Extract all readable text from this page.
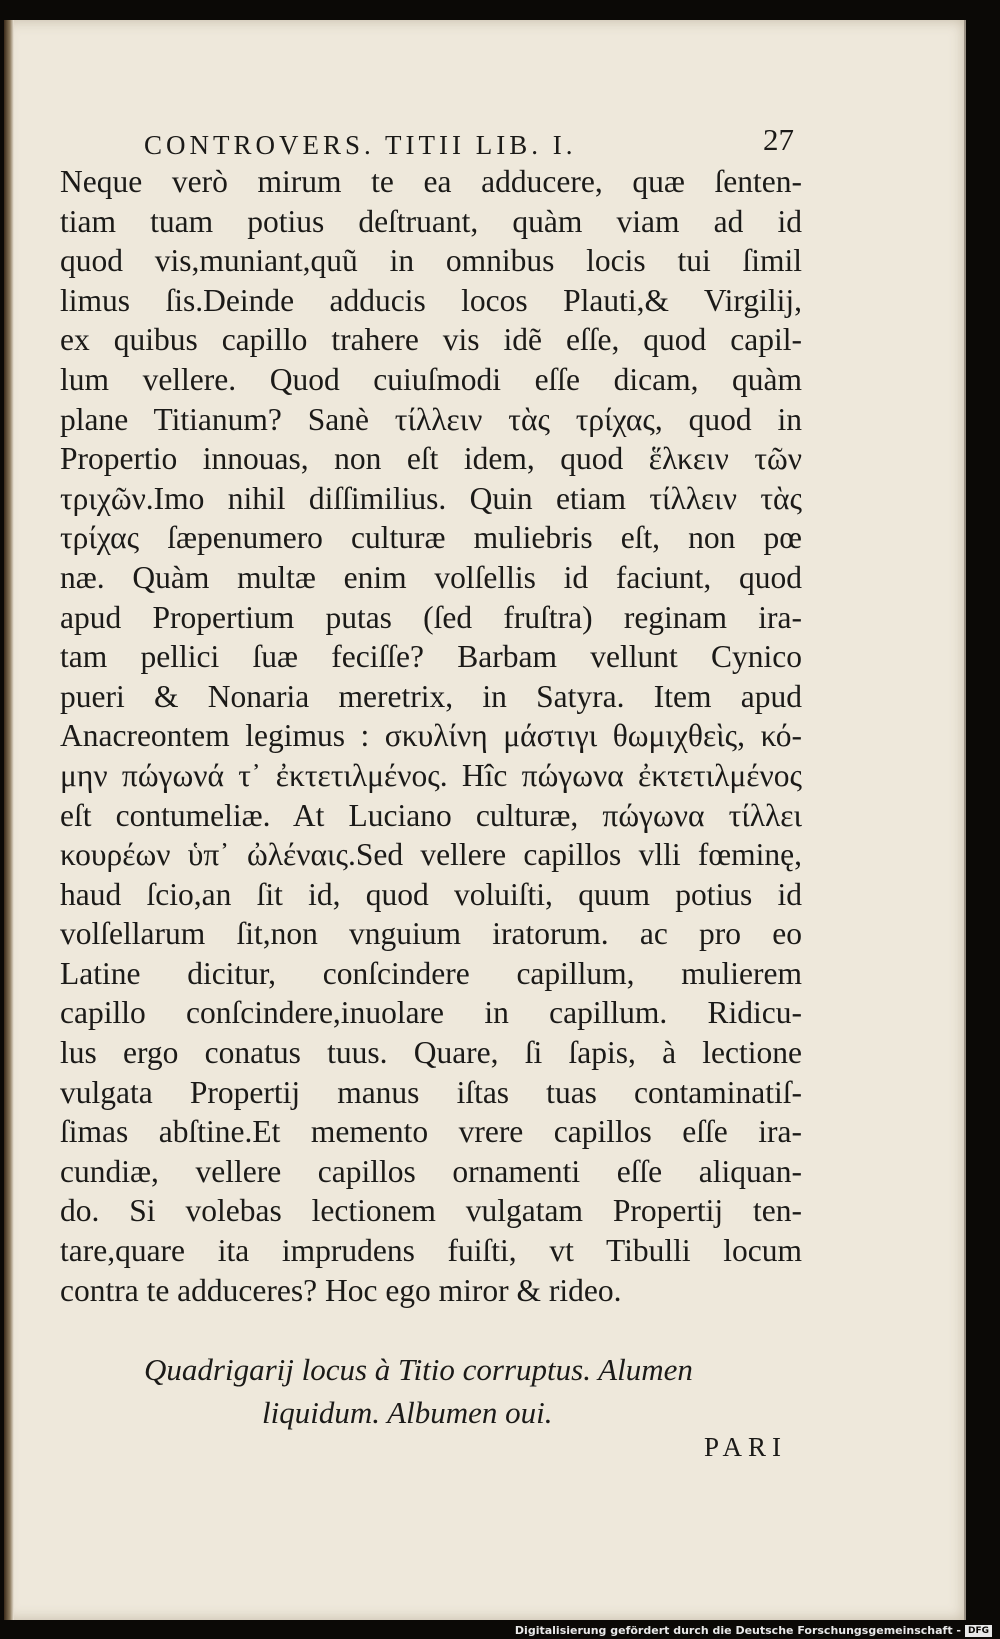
CONTROVERS. TITII LIB. I.	27
Neque verò mirum te ea adducere, quæ ſenten-
tiam tuam potius deſtruant, quàm viam ad id
quod vis,muniant,quũ in omnibus locis tui ſimil
limus ſis.Deinde adducis locos Plauti,& Virgilij,
ex quibus capillo trahere vis idẽ eſſe, quod capil-
lum vellere. Quod cuiuſmodi eſſe dicam, quàm
plane Titianum? Sanè τίλλειν τὰς τρίχας, quod in
Propertio innouas, non eſt idem, quod ἕλκειν τῶν
τριχῶν.Imo nihil diſſimilius. Quin etiam τίλλειν τὰς
τρίχας ſæpenumero culturæ muliebris eſt, non pœ
næ. Quàm multæ enim volſellis id faciunt, quod
apud Propertium putas (ſed fruſtra) reginam ira-
tam pellici ſuæ feciſſe? Barbam vellunt Cynico
pueri & Nonaria meretrix, in Satyra. Item apud
Anacreontem legimus : σκυλίνη μάστιγι θωμιχθεὶς, κό-
μην πώγωνά τ᾽ ἐκτετιλμένος. Hîc πώγωνα ἐκτετιλμένος
eſt contumeliæ. At Luciano culturæ, πώγωνα τίλλει
κουρέων ὑπ᾽ ὠλέναις.Sed vellere capillos vlli fœminę,
haud ſcio,an ſit id, quod voluiſti, quum potius id
volſellarum ſit,non vnguium iratorum. ac pro eo
Latine dicitur, conſcindere capillum, mulierem
capillo conſcindere,inuolare in capillum. Ridicu-
lus ergo conatus tuus. Quare, ſi ſapis, à lectione
vulgata Propertij manus iſtas tuas contaminatiſ-
ſimas abſtine.Et memento vrere capillos eſſe ira-
cundiæ, vellere capillos ornamenti eſſe aliquan-
do. Si volebas lectionem vulgatam Propertij ten-
tare,quare ita imprudens fuiſti, vt Tibulli locum
contra te adduceres? Hoc ego miror & rideo.
Quadrigarij locus à Titio corruptus. Alumen
liquidum. Albumen oui.
PARI
Digitalisierung gefördert durch die Deutsche Forschungsgemeinschaft - DFG
